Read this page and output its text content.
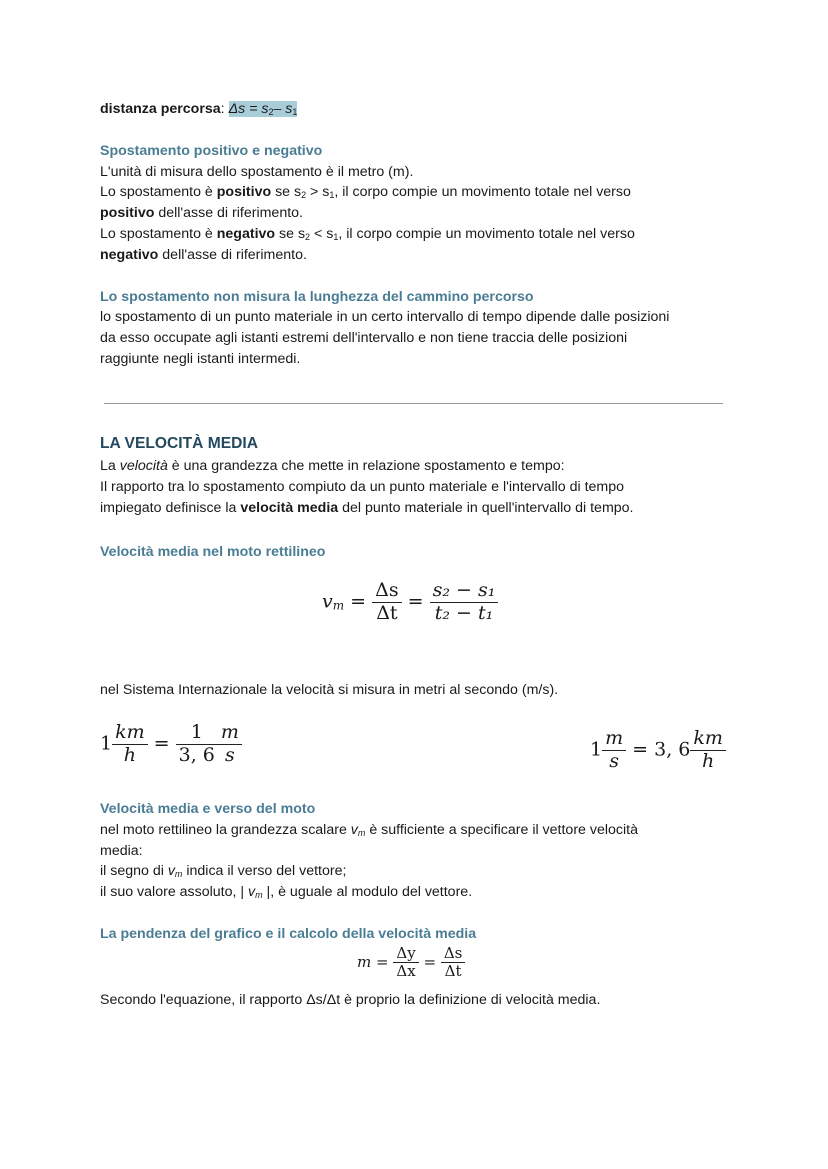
distanza percorsa: $\Delta s = s_2-$ $s_1$
Spostamento positivo e negativo
L'unità di misura dello spostamento è il metro (m).
Lo spostamento è positivo se $s_2 > s_1$, il corpo compie un movimento totale nel verso
positivo dell'asse di riferimento.
Lo spostamento è negativo se $s_2 < s_1$, il corpo compie un movimento totale nel verso
negativo dell'asse di riferimento.
Lo spostamento non misura la lunghezza del cammino percorso
lo spostamento di un punto materiale in un certo intervallo di tempo dipende dalle posizioni
da esso occupate agli istanti estremi dell'intervallo e non tiene traccia delle posizioni
raggiunte negli istanti intermedi.
LA VELOCITÀ MEDIA
La velocità è una grandezza che mette in relazione spostamento e tempo:
Il rapporto tra lo spostamento compiuto da un punto materiale e l'intervallo di tempo
impiegato definisce la velocità media del punto materiale in quell'intervallo di tempo.
Velocità media nel moto rettilineo
$v_m = \frac{\Delta s}{\Delta t} = \frac{\text{s₂ − s₁}}{\text{t₂ − t₁}}$
nel Sistema Internazionale la velocità si misura in metri al secondo (m/s).
$1 \frac{km}{h} = \frac{1}{3, 6} \frac{m}{s}$	$1 \frac{m}{s} = 3$, $6 \frac{km}{h}$
Velocità media e verso del moto
nel moto rettilineo la grandezza scalare $v_m$ è sufficiente a specificare il vettore velocità
media:
il segno di $v_m$ indica il verso del vettore;
il suo valore assoluto, | $v_m$ |, è uguale al modulo del vettore.
La pendenza del grafico e il calcolo della velocità media
$m = \frac{\Delta y}{\Delta x} = \frac{\Delta s}{\Delta t}$
Secondo l'equazione, il rapporto Δs/Δt è proprio la definizione di velocità media.
